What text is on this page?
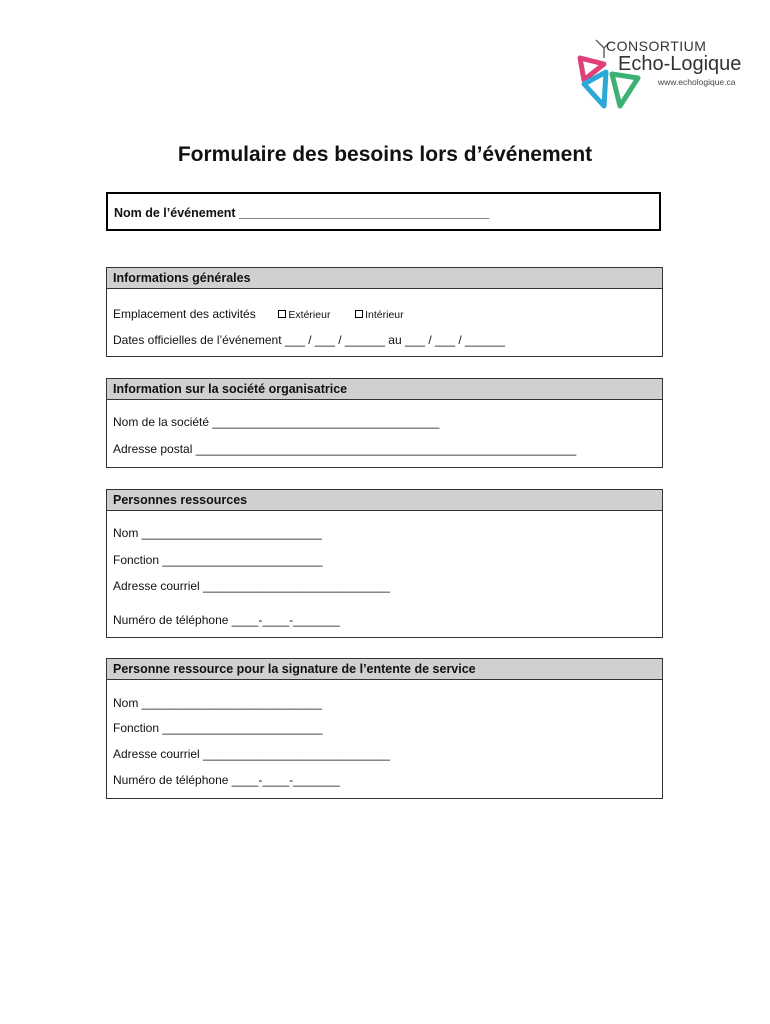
CONSORTIUM
Echo-Logique
www.echologique.ca
Formulaire des besoins lors d’événement
Nom de l’événement ____________________________________
Informations générales
Emplacement des activités	Extérieur	Intérieur
Dates officielles de l’événement ___ / ___ / ______ au ___ / ___ / ______
Information sur la société organisatrice
Nom de la société __________________________________
Adresse postal _________________________________________________________
Personnes ressources
Nom ___________________________
Fonction ________________________
Adresse courriel ____________________________
Numéro de téléphone ____-____-_______
Personne ressource pour la signature de l’entente de service
Nom ___________________________
Fonction ________________________
Adresse courriel ____________________________
Numéro de téléphone ____-____-_______
